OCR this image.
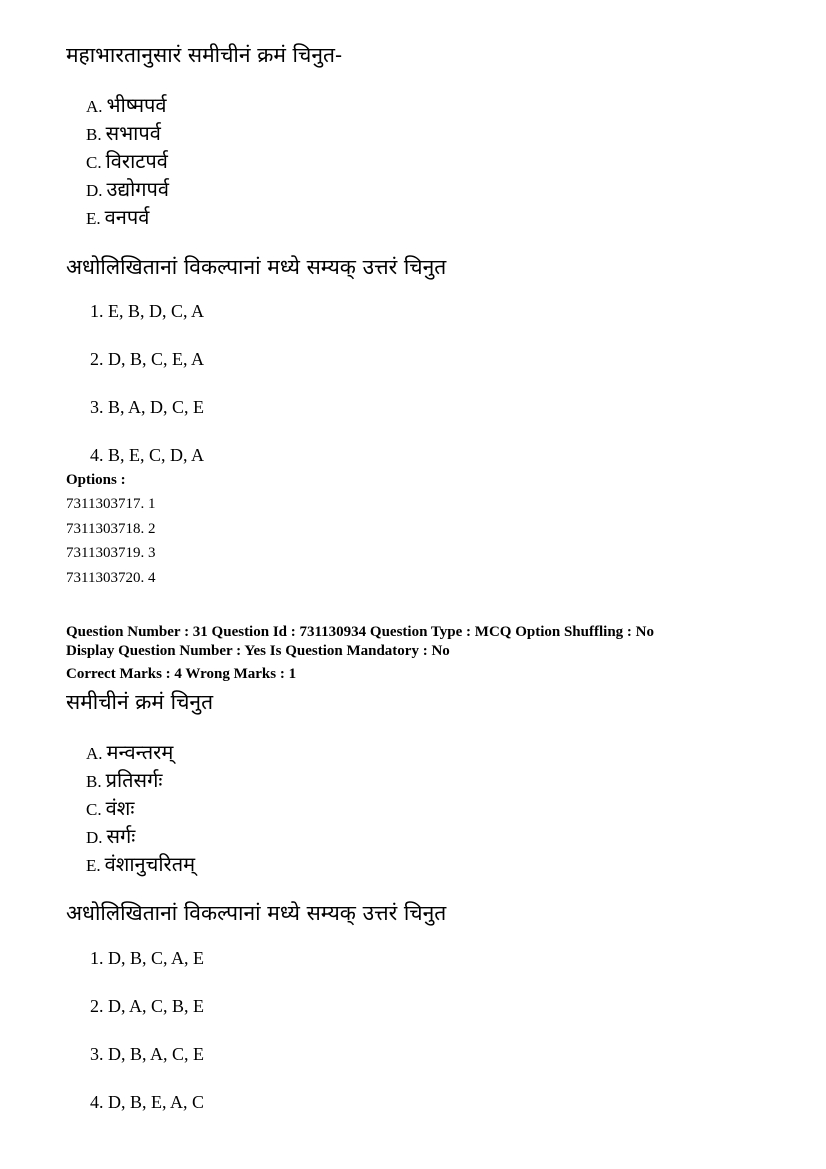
महाभारतानुसारं समीचीनं क्रमं चिनुत-
A. भीष्मपर्व
B. सभापर्व
C. विराटपर्व
D. उद्योगपर्व
E. वनपर्व
अधोलिखितानां विकल्पानां मध्ये सम्यक् उत्तरं चिनुत
1. E, B, D, C, A
2. D, B, C, E, A
3. B, A, D, C, E
4. B, E, C, D, A
Options :
7311303717. 1
7311303718. 2
7311303719. 3
7311303720. 4
Question Number : 31 Question Id : 731130934 Question Type : MCQ Option Shuffling : No
Display Question Number : Yes Is Question Mandatory : No
Correct Marks : 4 Wrong Marks : 1
समीचीनं क्रमं चिनुत
A. मन्वन्तरम्
B. प्रतिसर्गः
C. वंशः
D. सर्गः
E. वंशानुचरितम्
अधोलिखितानां विकल्पानां मध्ये सम्यक् उत्तरं चिनुत
1. D, B, C, A, E
2. D, A, C, B, E
3. D, B, A, C, E
4. D, B, E, A, C
